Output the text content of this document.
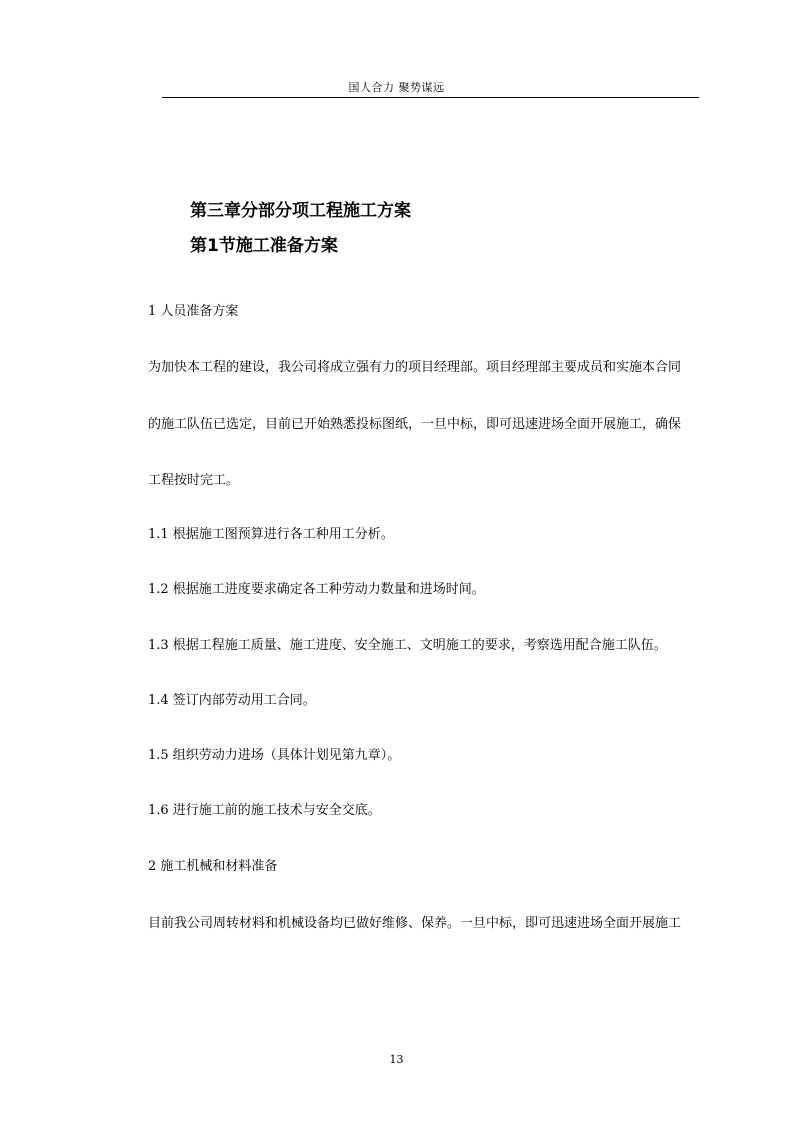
国人合力 聚势谋远
第三章分部分项工程施工方案
第1节施工准备方案
1 人员准备方案
为加快本工程的建设，我公司将成立强有力的项目经理部。项目经理部主要成员和实施本合同
的施工队伍已选定，目前已开始熟悉投标图纸，一旦中标，即可迅速进场全面开展施工，确保
工程按时完工。
1.1 根据施工图预算进行各工种用工分析。
1.2 根据施工进度要求确定各工种劳动力数量和进场时间。
1.3 根据工程施工质量、施工进度、安全施工、文明施工的要求，考察选用配合施工队伍。
1.4 签订内部劳动用工合同。
1.5 组织劳动力进场（具体计划见第九章）。
1.6 进行施工前的施工技术与安全交底。
2 施工机械和材料准备
目前我公司周转材料和机械设备均已做好维修、保养。一旦中标，即可迅速进场全面开展施工
13
